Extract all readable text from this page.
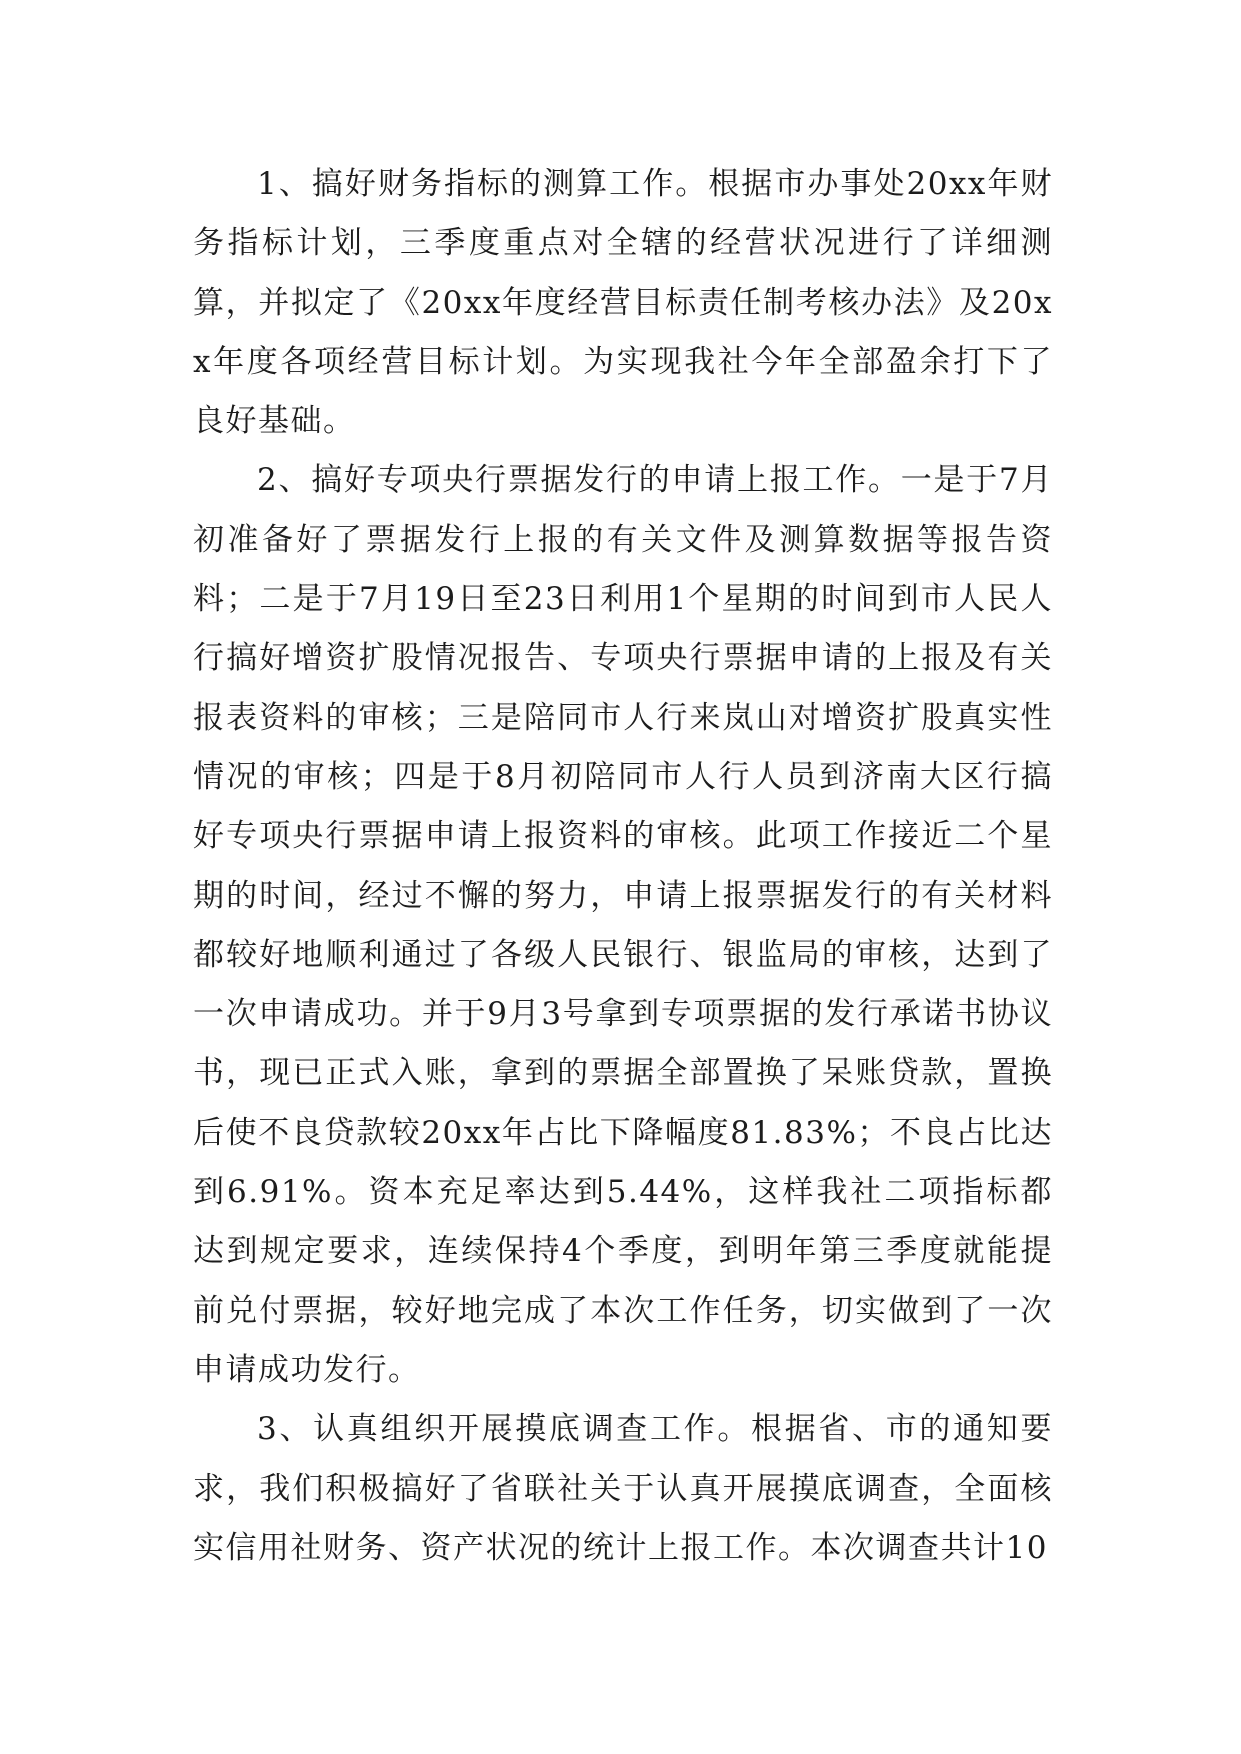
1、搞好财务指标的测算工作。根据市办事处20xx年财务指标计划，三季度重点对全辖的经营状况进行了详细测算，并拟定了《20xx年度经营目标责任制考核办法》及20xx年度各项经营目标计划。为实现我社今年全部盈余打下了良好基础。

2、搞好专项央行票据发行的申请上报工作。一是于7月初准备好了票据发行上报的有关文件及测算数据等报告资料；二是于7月19日至23日利用1个星期的时间到市人民人行搞好增资扩股情况报告、专项央行票据申请的上报及有关报表资料的审核；三是陪同市人行来岚山对增资扩股真实性情况的审核；四是于8月初陪同市人行人员到济南大区行搞好专项央行票据申请上报资料的审核。此项工作接近二个星期的时间，经过不懈的努力，申请上报票据发行的有关材料都较好地顺利通过了各级人民银行、银监局的审核，达到了一次申请成功。并于9月3号拿到专项票据的发行承诺书协议书，现已正式入账，拿到的票据全部置换了呆账贷款，置换后使不良贷款较20xx年占比下降幅度81.83%；不良占比达到6.91%。资本充足率达到5.44%，这样我社二项指标都达到规定要求，连续保持4个季度，到明年第三季度就能提前兑付票据，较好地完成了本次工作任务，切实做到了一次申请成功发行。

3、认真组织开展摸底调查工作。根据省、市的通知要求，我们积极搞好了省联社关于认真开展摸底调查，全面核实信用社财务、资产状况的统计上报工作。本次调查共计10
